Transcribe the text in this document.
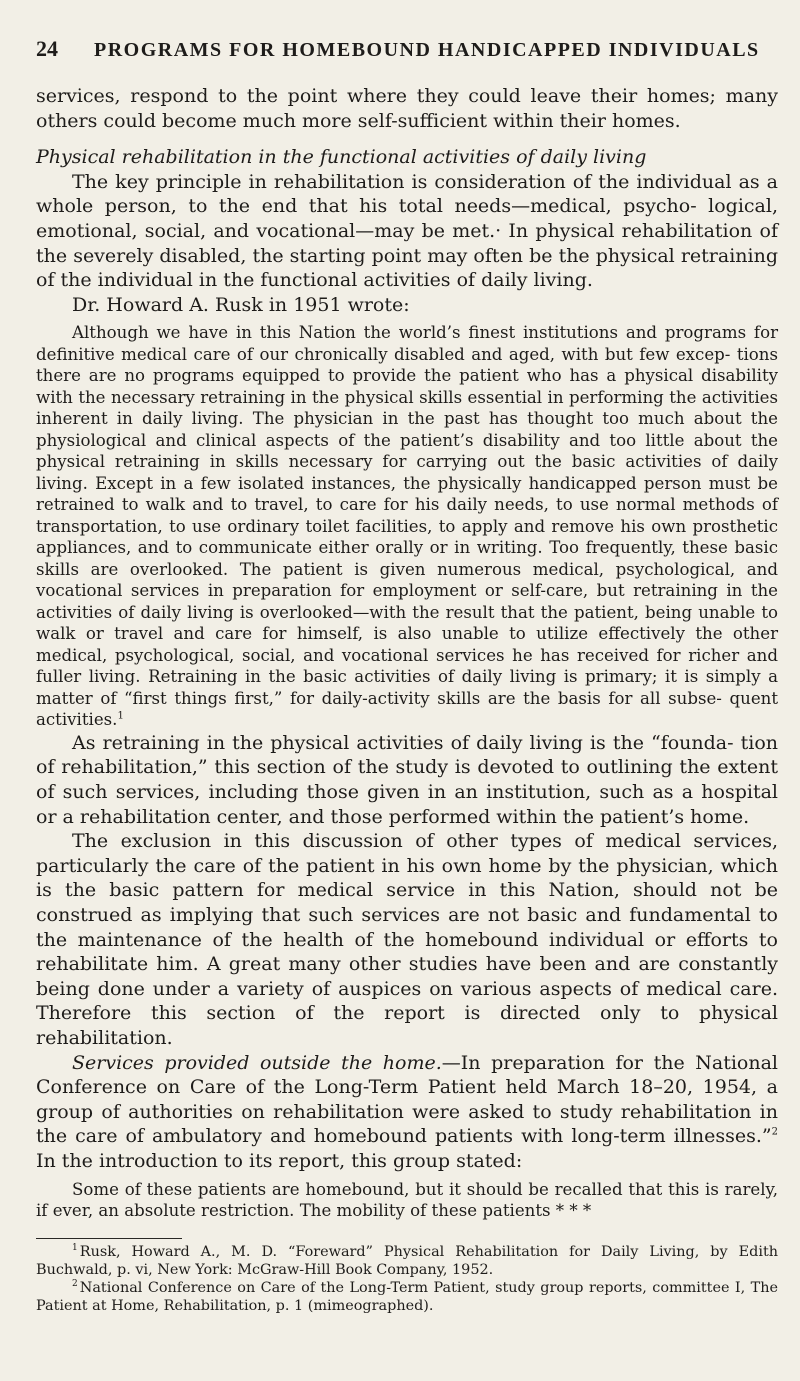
24 PROGRAMS FOR HOMEBOUND HANDICAPPED INDIVIDUALS

services, respond to the point where they could leave their homes; many others could become much more self-sufficient within their homes.

Physical rehabilitation in the functional activities of daily living

The key principle in rehabilitation is consideration of the individual as a whole person, to the end that his total needs—medical, psycho- logical, emotional, social, and vocational—may be met.· In physical rehabilitation of the severely disabled, the starting point may often be the physical retraining of the individual in the functional activities of daily living.

Dr. Howard A. Rusk in 1951 wrote:

Although we have in this Nation the world’s finest institutions and programs for definitive medical care of our chronically disabled and aged, with but few excep- tions there are no programs equipped to provide the patient who has a physical disability with the necessary retraining in the physical skills essential in performing the activities inherent in daily living. The physician in the past has thought too much about the physiological and clinical aspects of the patient’s disability and too little about the physical retraining in skills necessary for carrying out the basic activities of daily living. Except in a few isolated instances, the physically handicapped person must be retrained to walk and to travel, to care for his daily needs, to use normal methods of transportation, to use ordinary toilet facilities, to apply and remove his own prosthetic appliances, and to communicate either orally or in writing. Too frequently, these basic skills are overlooked. The patient is given numerous medical, psychological, and vocational services in preparation for employment or self-care, but retraining in the activities of daily living is overlooked—with the result that the patient, being unable to walk or travel and care for himself, is also unable to utilize effectively the other medical, psychological, social, and vocational services he has received for richer and fuller living. Retraining in the basic activities of daily living is primary; it is simply a matter of “first things first,” for daily-activity skills are the basis for all subse- quent activities.$^1$

As retraining in the physical activities of daily living is the “founda- tion of rehabilitation,” this section of the study is devoted to outlining the extent of such services, including those given in an institution, such as a hospital or a rehabilitation center, and those performed within the patient’s home.

The exclusion in this discussion of other types of medical services, particularly the care of the patient in his own home by the physician, which is the basic pattern for medical service in this Nation, should not be construed as implying that such services are not basic and fundamental to the maintenance of the health of the homebound individual or efforts to rehabilitate him. A great many other studies have been and are constantly being done under a variety of auspices on various aspects of medical care. Therefore this section of the report is directed only to physical rehabilitation.

Services provided outside the home.—In preparation for the National Conference on Care of the Long-Term Patient held March 18–20, 1954, a group of authorities on rehabilitation were asked to study rehabilitation in the care of ambulatory and homebound patients with long-term illnesses.”$^2$ In the introduction to its report, this group stated:

Some of these patients are homebound, but it should be recalled that this is rarely, if ever, an absolute restriction. The mobility of these patients * * *

$^1$ Rusk, Howard A., M. D. “Foreward” Physical Rehabilitation for Daily Living, by Edith Buchwald, p. vi, New York: McGraw-Hill Book Company, 1952.

$^2$ National Conference on Care of the Long-Term Patient, study group reports, committee I, The Patient at Home, Rehabilitation, p. 1 (mimeographed).
